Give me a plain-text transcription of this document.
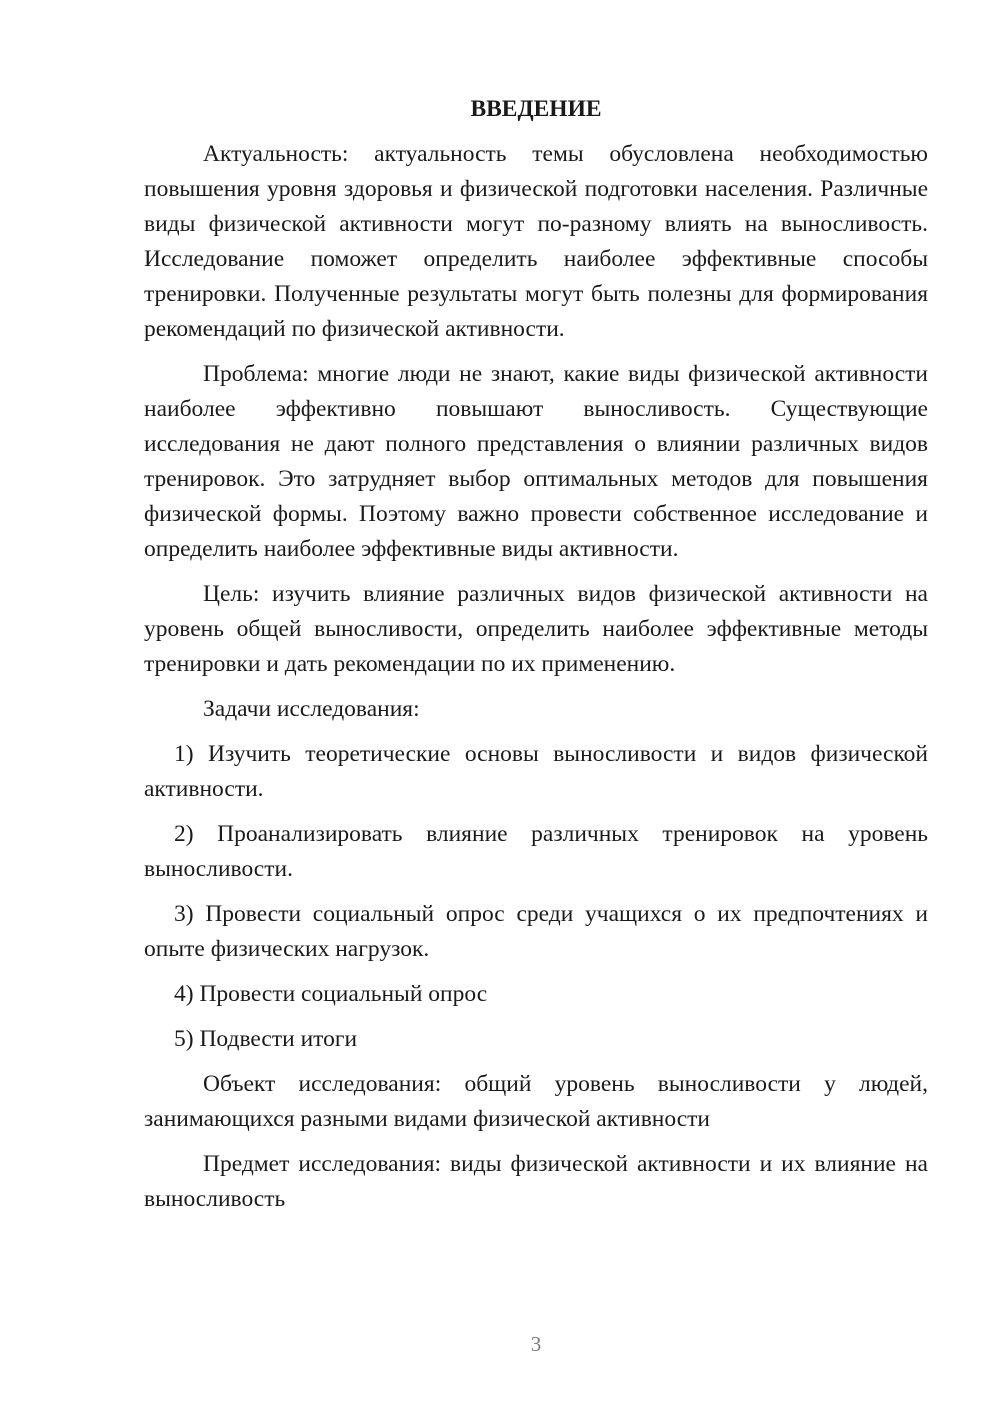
ВВЕДЕНИЕ

Актуальность: актуальность темы обусловлена необходимостью повышения уровня здоровья и физической подготовки населения. Различные виды физической активности могут по-разному влиять на выносливость. Исследование поможет определить наиболее эффективные способы тренировки. Полученные результаты могут быть полезны для формирования рекомендаций по физической активности.

Проблема: многие люди не знают, какие виды физической активности наиболее эффективно повышают выносливость. Существующие исследования не дают полного представления о влиянии различных видов тренировок. Это затрудняет выбор оптимальных методов для повышения физической формы. Поэтому важно провести собственное исследование и определить наиболее эффективные виды активности.

Цель: изучить влияние различных видов физической активности на уровень общей выносливости, определить наиболее эффективные методы тренировки и дать рекомендации по их применению.

Задачи исследования:

1) Изучить теоретические основы выносливости и видов физической активности.

2) Проанализировать влияние различных тренировок на уровень выносливости.

3) Провести социальный опрос среди учащихся о их предпочтениях и опыте физических нагрузок.

4) Провести социальный опрос

5) Подвести итоги

Объект исследования: общий уровень выносливости у людей, занимающихся разными видами физической активности

Предмет исследования: виды физической активности и их влияние на выносливость

3
